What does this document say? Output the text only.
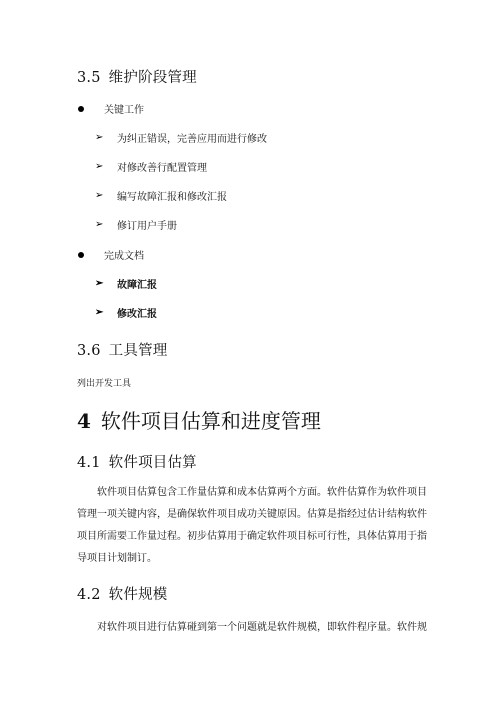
3.5 维护阶段管理
关键工作
➢ 为纠正错误，完善应用而进行修改
➢ 对修改善行配置管理
➢ 编写故障汇报和修改汇报
➢ 修订用户手册
完成文档
➢ 故障汇报
➢ 修改汇报
3.6 工具管理
列出开发工具
4 软件项目估算和进度管理
4.1 软件项目估算
软件项目估算包含工作量估算和成本估算两个方面。软件估算作为软件项目
管理一项关键内容，是确保软件项目成功关键原因。估算是指经过估计结构软件
项目所需要工作量过程。初步估算用于确定软件项目标可行性，具体估算用于指
导项目计划制订。
4.2 软件规模
对软件项目进行估算碰到第一个问题就是软件规模，即软件程序量。软件规
